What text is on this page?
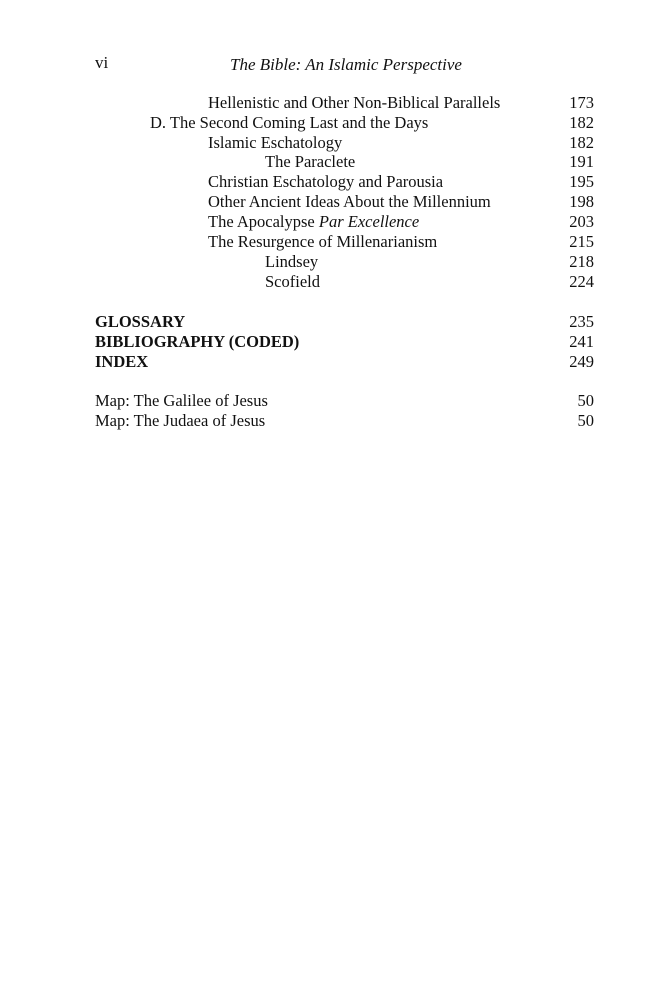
vi	The Bible: An Islamic Perspective
Hellenistic and Other Non-Biblical Parallels	173
D. The Second Coming Last and the Days	182
Islamic Eschatology	182
The Paraclete	191
Christian Eschatology and Parousia	195
Other Ancient Ideas About the Millennium	198
The Apocalypse Par Excellence	203
The Resurgence of Millenarianism	215
Lindsey	218
Scofield	224
GLOSSARY	235
BIBLIOGRAPHY (CODED)	241
INDEX	249
Map: The Galilee of Jesus	50
Map: The Judaea of Jesus	50
